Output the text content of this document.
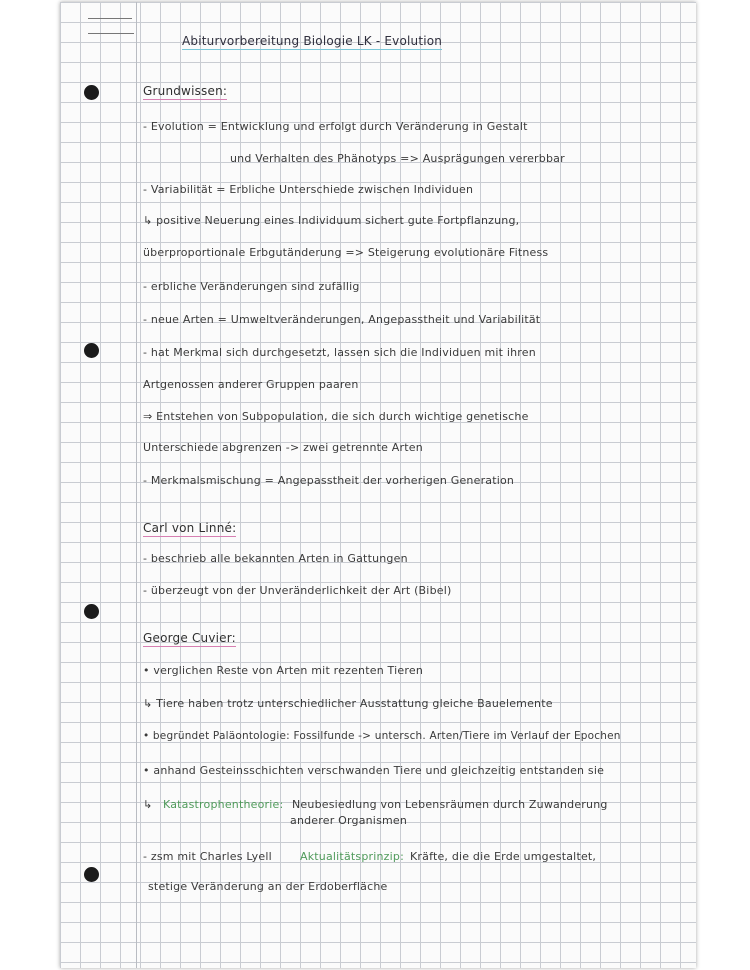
Abiturvorbereitung Biologie LK - Evolution
Grundwissen:
- Evolution = Entwicklung und erfolgt durch Veränderung in Gestalt
und Verhalten des Phänotyps => Ausprägungen vererbbar
- Variabilität = Erbliche Unterschiede zwischen Individuen
↳ positive Neuerung eines Individuum sichert gute Fortpflanzung,
überproportionale Erbgutänderung => Steigerung evolutionäre Fitness
- erbliche Veränderungen sind zufällig
- neue Arten = Umweltveränderungen, Angepasstheit und Variabilität
- hat Merkmal sich durchgesetzt, lassen sich die Individuen mit ihren
Artgenossen anderer Gruppen paaren
⇒ Entstehen von Subpopulation, die sich durch wichtige genetische
Unterschiede abgrenzen -> zwei getrennte Arten
- Merkmalsmischung = Angepasstheit der vorherigen Generation
Carl von Linné:
- beschrieb alle bekannten Arten in Gattungen
- überzeugt von der Unveränderlichkeit der Art (Bibel)
George Cuvier:
• verglichen Reste von Arten mit rezenten Tieren
↳ Tiere haben trotz unterschiedlicher Ausstattung gleiche Bauelemente
• begründet Paläontologie: Fossilfunde -> untersch. Arten/Tiere im Verlauf der Epochen
• anhand Gesteinsschichten verschwanden Tiere und gleichzeitig entstanden sie
↳ Katastrophentheorie: Neubesiedlung von Lebensräumen durch Zuwanderung
anderer Organismen
- zsm mit Charles Lyell	Aktualitätsprinzip: Kräfte, die die Erde umgestaltet,
stetige Veränderung an der Erdoberfläche
